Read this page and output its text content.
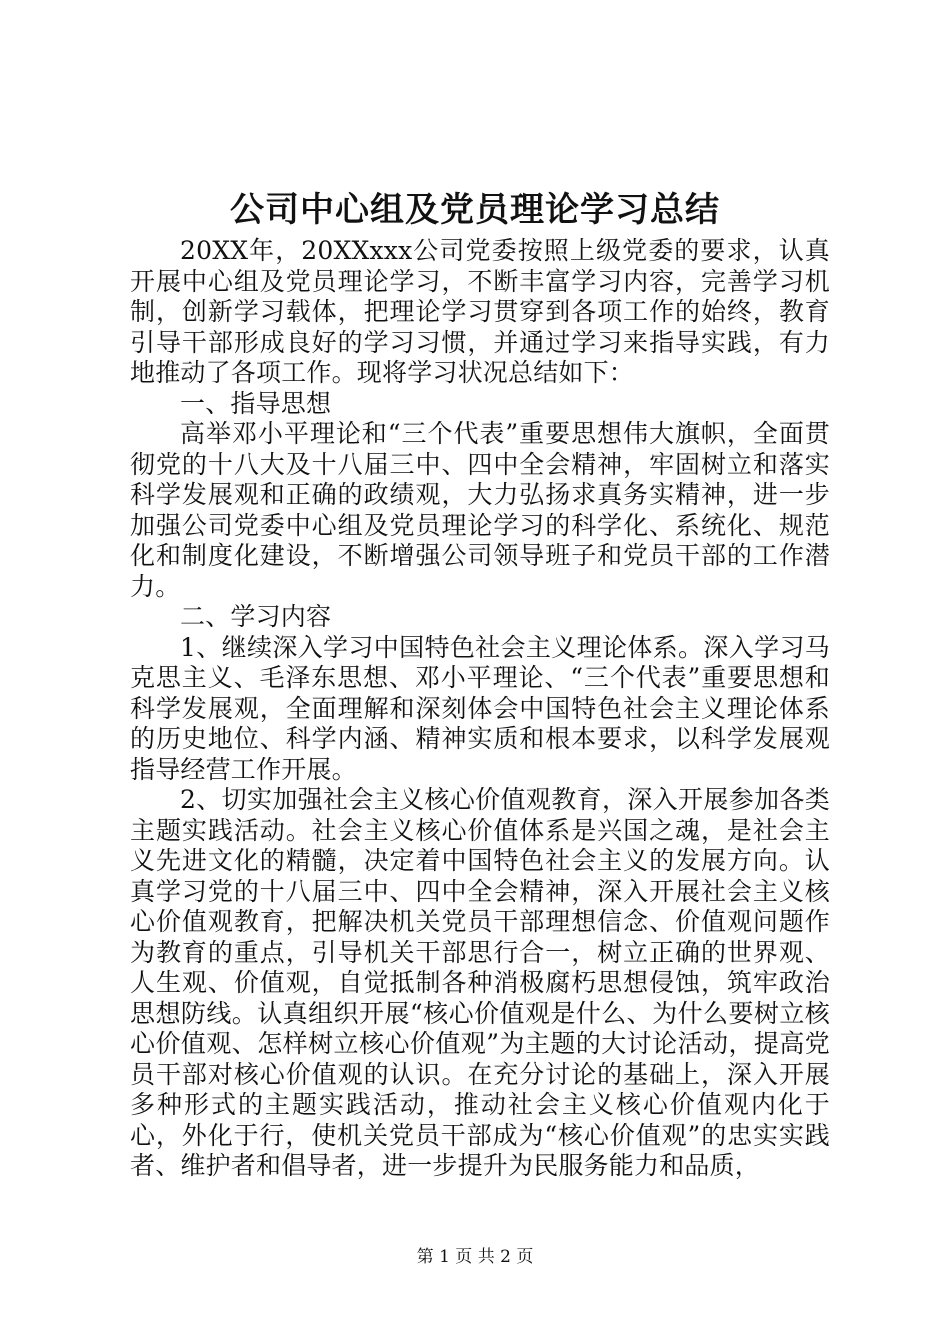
公司中心组及党员理论学习总结

20XX年，20XXxxx公司党委按照上级党委的要求，认真开展中心组及党员理论学习，不断丰富学习内容，完善学习机制，创新学习载体，把理论学习贯穿到各项工作的始终，教育引导干部形成良好的学习习惯，并通过学习来指导实践，有力地推动了各项工作。现将学习状况总结如下：

一、指导思想

高举邓小平理论和“三个代表”重要思想伟大旗帜，全面贯彻党的十八大及十八届三中、四中全会精神，牢固树立和落实科学发展观和正确的政绩观，大力弘扬求真务实精神，进一步加强公司党委中心组及党员理论学习的科学化、系统化、规范化和制度化建设，不断增强公司领导班子和党员干部的工作潜力。

二、学习内容

1、继续深入学习中国特色社会主义理论体系。深入学习马克思主义、毛泽东思想、邓小平理论、“三个代表”重要思想和科学发展观，全面理解和深刻体会中国特色社会主义理论体系的历史地位、科学内涵、精神实质和根本要求，以科学发展观指导经营工作开展。

2、切实加强社会主义核心价值观教育，深入开展参加各类主题实践活动。社会主义核心价值体系是兴国之魂，是社会主义先进文化的精髓，决定着中国特色社会主义的发展方向。认真学习党的十八届三中、四中全会精神，深入开展社会主义核心价值观教育，把解决机关党员干部理想信念、价值观问题作为教育的重点，引导机关干部思行合一，树立正确的世界观、人生观、价值观，自觉抵制各种消极腐朽思想侵蚀，筑牢政治思想防线。认真组织开展“核心价值观是什么、为什么要树立核心价值观、怎样树立核心价值观”为主题的大讨论活动，提高党员干部对核心价值观的认识。在充分讨论的基础上，深入开展多种形式的主题实践活动，推动社会主义核心价值观内化于心，外化于行，使机关党员干部成为“核心价值观”的忠实实践者、维护者和倡导者，进一步提升为民服务能力和品质，

第 1 页 共 2 页
